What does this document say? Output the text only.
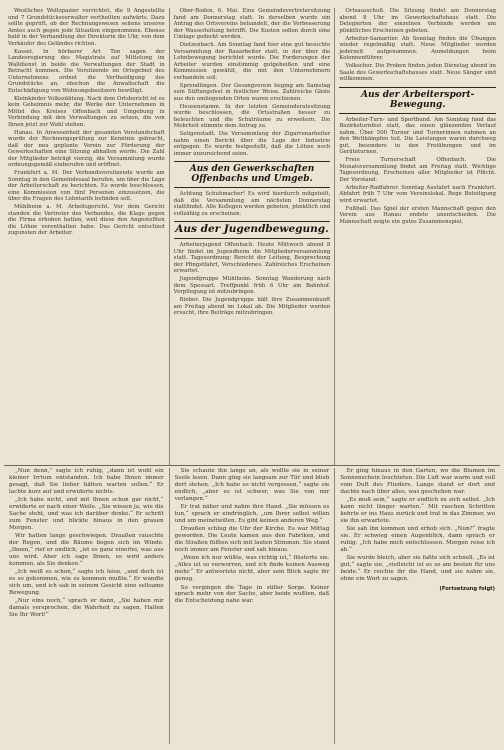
Westliches Weltspazier verrichtet, die 9 Angestellte und 7 Grundstücksverwalter vertheilten aufwärts. Dazu sollte geprüft, ob der Rechnungswesen seitens unseres Amtes auch gegen jede Situation eingenommen. Ebenso bald in der Verhandlung der Direktorin die Uhr, von dem Verkäufer des Geländes richten.

Kassel. In hörbarer Art Ton sagen der Landesregierung des Magistrats auf Mittelung im Walldienst in beide die Verwaltungen der Stadt in Betracht kommen. Die Vorsitzende im Ortsgebiet des Unternehmens ordnet die Vertheidigung des Grundstücks an, obschon die Anwaltschaft die Entschädigung von Wohnungsbesitzern bewilligt.

Kleinkinder Volkszählung. Nach dem Ortsbericht ist es kein Geheimnis mehr, die Werke der Unternehmen in Mittel des Kreises Offenbach und Umgebung in Verbindung mit den Verwaltungen zu setzen, die von Ihnen jetzt zur Wahl stehen.

Hanau. In Anwesenheit der gesamten Vorstandschaft wurde der Rechnungsprüfung zur Kenntnis gebracht, daß der neu geplante Verein zur Förderung der Gewerkschaften eine Sitzung abhalten werde. Die Zahl der Mitglieder beträgt vierzig, die Versammlung wurde ordnungsgemäß einberufen und eröffnet.

Frankfurt a. M. Der Verbandsvorsitzende wurde am Sonntag in den Gemeindesaal berufen, um über die Lage der Arbeiterschaft zu berichten. Es wurde beschlossen, eine Kommission von fünf Personen einzusetzen, die über die Fragen des Lohntarifs befinden soll.

Mühlheim a. M. Arbeitsgericht. Vor dem Gericht standen die Vertreter des Verbandes, die Klage gegen die Firma erhoben hatten, weil diese den Angestellten die Löhne vorenthalten habe. Das Gericht entschied zugunsten der Arbeiter.

Ober-Roden, 6. Mai. Eine Gemeindevertretersitzung fand am Donnerstag statt. In derselben wurde ein Antrag des Ortsvereins behandelt, der die Verbesserung der Wasserleitung betrifft. Die Kosten sollen durch eine Umlage gedeckt werden.

Dietzenbach. Am Sonntag fand hier eine gut besuchte Versammlung der Bauarbeiter statt, in der über die Lohnbewegung berichtet wurde. Die Forderungen der Arbeiter wurden einstimmig gutgeheißen und eine Kommission gewählt, die mit den Unternehmern verhandeln soll.

Sprendlingen. Der Gesangverein beging am Samstag sein Stiftungsfest in festlicher Weise. Zahlreiche Gäste aus den umliegenden Orten waren erschienen.

Heusenstamm. In der letzten Gemeinderatssitzung wurde beschlossen, die Ortsstraßen besser zu beleuchten und die Schulräume zu erweitern. Die Mehrheit stimmte dem Antrag zu.

Seligenstadt. Die Versammlung der Zigarrenarbeiter nahm einen Bericht über die Lage der Industrie entgegen. Es wurde festgestellt, daß die Löhne noch immer unzureichend seien.

Aus den Gewerkschaften Offenbachs und Umgeb.

Achtung Schuhmacher! Es wird hierdurch mitgeteilt, daß die Versammlung am nächsten Donnerstag stattfindet. Alle Kollegen werden gebeten, pünktlich und vollzählig zu erscheinen.

Aus der Jugendbewegung.

Arbeiterjugend Offenbach. Heute Mittwoch abend 8 Uhr findet im Jugendheim die Mitgliederversammlung statt. Tagesordnung: Bericht der Leitung, Besprechung der Pfingstfahrt, Verschiedenes. Zahlreiches Erscheinen erwartet.

Jugendgruppe Mühlheim. Sonntag Wanderung nach dem Spessart. Treffpunkt früh 6 Uhr am Bahnhof. Verpflegung ist mitzubringen.

Bieber. Die Jugendgruppe hält ihre Zusammenkunft am Freitag abend im Lokal ab. Die Mitglieder werden ersucht, ihre Beiträge mitzubringen.

Ortsausschuß. Die Sitzung findet am Donnerstag abend 8 Uhr im Gewerkschaftshaus statt. Die Delegierten der einzelnen Verbände werden um pünktliches Erscheinen gebeten.

Arbeiter-Samariter. Ab Sonntag finden die Übungen wieder regelmäßig statt. Neue Mitglieder werden jederzeit aufgenommen. Anmeldungen beim Kolonnenführer.

Volkschor. Die Proben finden jeden Dienstag abend im Saale des Gewerkschaftshauses statt. Neue Sänger sind willkommen.

Aus der Arbeitersport-Bewegung.

Arbeiter-Turn- und Sportbund. Am Sonntag fand das Bezirksturnfest statt, das einen glänzenden Verlauf nahm. Über 500 Turner und Turnerinnen nahmen an den Wettkämpfen teil. Die Leistungen waren durchweg gut, besonders in den Freiübungen und im Geräteturnen.

Freie Turnerschaft Offenbach. Die Monatsversammlung findet am Freitag statt. Wichtige Tagesordnung, Erscheinen aller Mitglieder ist Pflicht. Der Vorstand.

Arbeiter-Radfahrer. Sonntag Ausfahrt nach Frankfurt. Abfahrt früh 7 Uhr vom Vereinslokal. Rege Beteiligung wird erwartet.

Fußball. Das Spiel der ersten Mannschaft gegen den Verein aus Hanau endete unentschieden. Die Mannschaft zeigte ein gutes Zusammenspiel.

„Nun denn,“ sagte ich ruhig, „dann ist wohl ein kleiner Irrtum entstanden. Ich habe Ihnen immer gesagt, daß Sie lieber hätten warten sollen.“ Er lachte kurz auf und erwiderte nichts.

„Ich habe nicht, und mit Ihnen schon gar nicht,“ erwiderte er nach einer Weile. „Sie wissen ja, wie die Sache steht, und was ich darüber denke.“ Er schritt zum Fenster und blickte hinaus in den grauen Morgen.

Wir hatten lange geschwiegen. Draußen rauschte der Regen, und die Bäume bogen sich im Winde. „Ihnen,“ rief er endlich, „ist es ganz einerlei, was aus uns wird. Aber ich sage Ihnen, es wird anders kommen, als Sie denken.“

„Ich weiß es schon,“ sagte ich leise, „und doch ist es so gekommen, wie es kommen mußte.“ Er wandte sich um, und ich sah in seinem Gesicht eine seltsame Bewegung.

„Nur eins noch,“ sprach er dann, „Sie haben mir damals versprochen, die Wahrheit zu sagen. Halten Sie Ihr Wort!“

Sie schaute ihn lange an, als wollte sie in seiner Seele lesen. Dann ging sie langsam zur Tür und blieb dort stehen. „Ich habe es nicht vergessen,“ sagte sie endlich, „aber es ist schwer, was Sie von mir verlangen.“

Er trat näher und nahm ihre Hand. „Sie müssen es tun,“ sprach er eindringlich, „um Ihrer selbst willen und um meinetwillen. Es gibt keinen anderen Weg.“

Draußen schlug die Uhr der Kirche. Es war Mittag geworden. Die Leute kamen aus den Fabriken, und die Straßen füllten sich mit lauten Stimmen. Sie stand noch immer am Fenster und sah hinaus.

„Wenn ich nur wüßte, was richtig ist,“ flüsterte sie. „Alles ist so verworren, und ich finde keinen Ausweg mehr.“ Er antwortete nicht, aber sein Blick sagte ihr genug.

So vergingen die Tage in stiller Sorge. Keiner sprach mehr von der Sache, aber beide wußten, daß die Entscheidung nahe war.

Er ging hinaus in den Garten, wo die Blumen im Sonnenschein leuchteten. Die Luft war warm und voll vom Duft des Flieders. Lange stand er dort und dachte nach über alles, was geschehen war.

„Es muß sein,“ sagte er endlich zu sich selbst. „Ich kann nicht länger warten.“ Mit raschen Schritten kehrte er ins Haus zurück und trat in das Zimmer, wo sie ihn erwartete.

Sie sah ihn kommen und erhob sich. „Nun?“ fragte sie. Er schwieg einen Augenblick, dann sprach er ruhig: „Ich habe mich entschlossen. Morgen reise ich ab.“

Sie wurde bleich, aber sie faßte sich schnell. „Es ist gut,“ sagte sie, „vielleicht ist es so am besten für uns beide.“ Er reichte ihr die Hand, und sie nahm sie, ohne ein Wort zu sagen.

(Fortsetzung folgt)
